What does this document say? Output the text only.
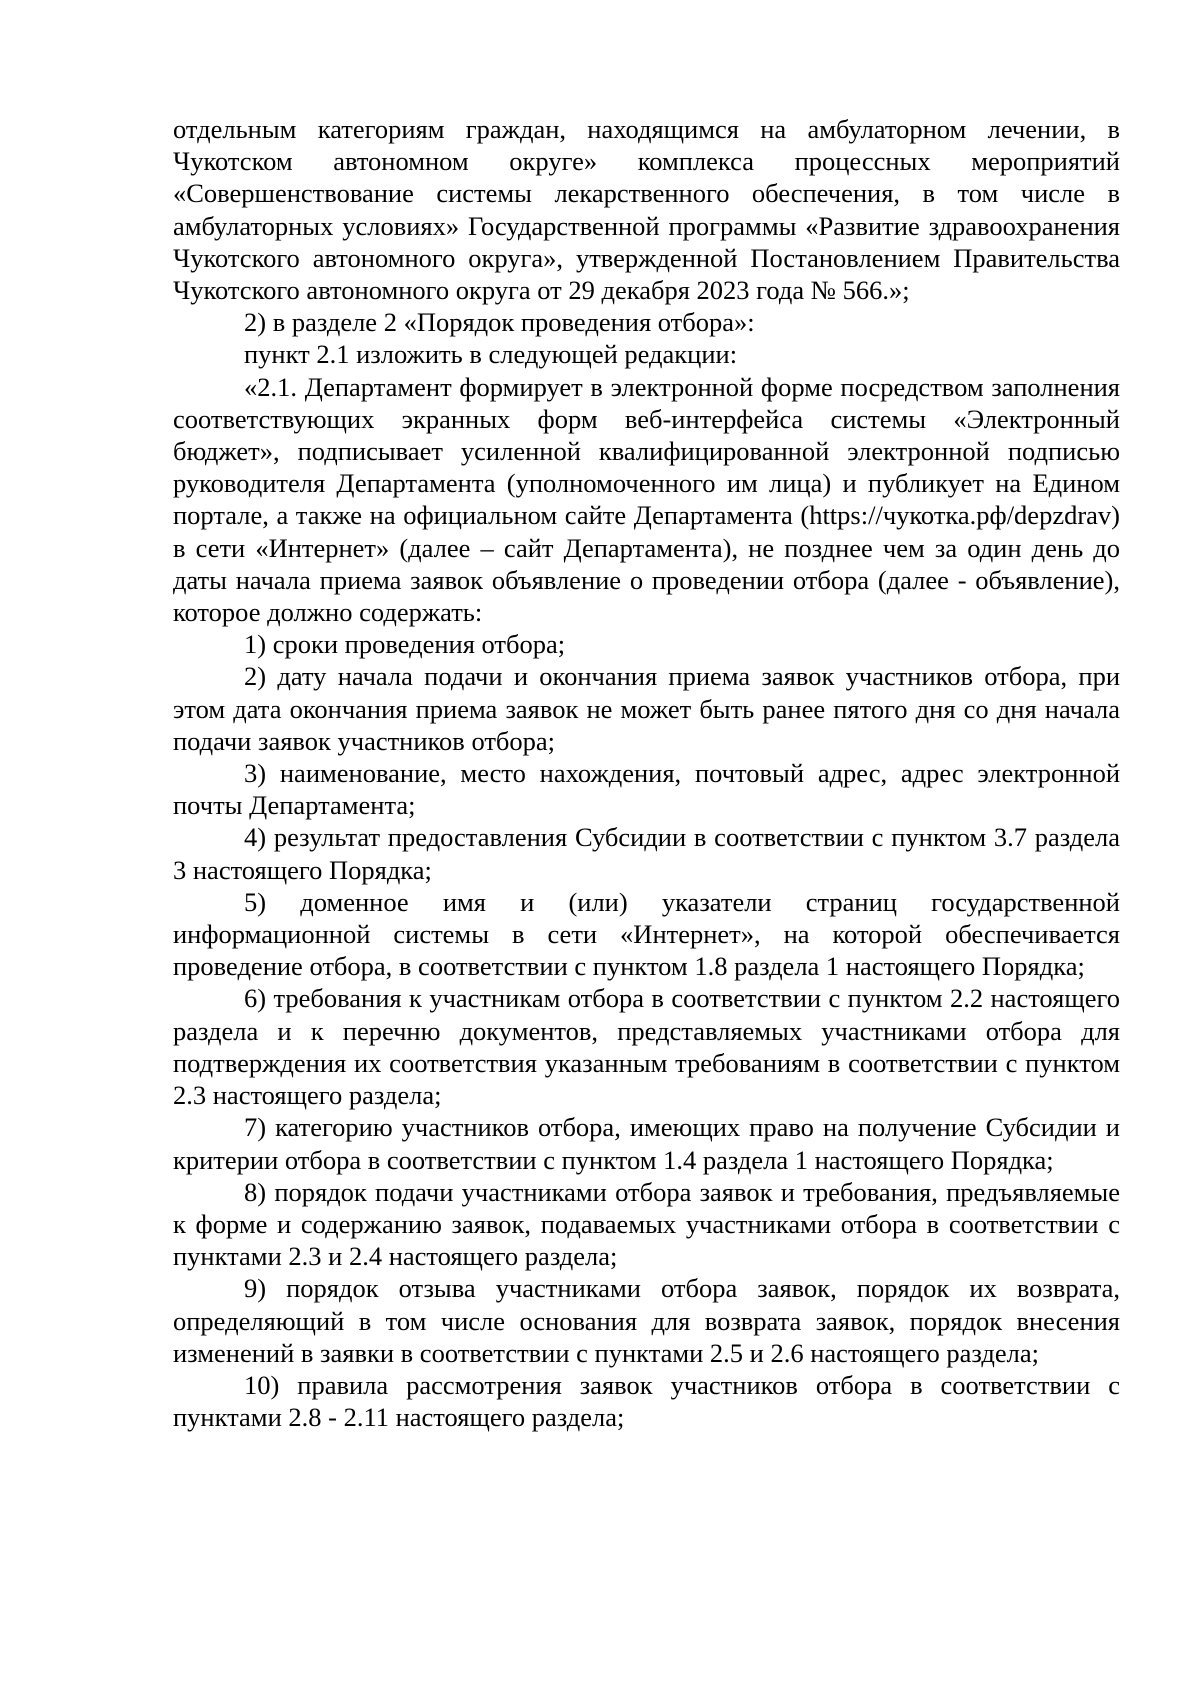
отдельным категориям граждан, находящимся на амбулаторном лечении, в Чукотском автономном округе» комплекса процессных мероприятий «Совершенствование системы лекарственного обеспечения, в том числе в амбулаторных условиях» Государственной программы «Развитие здравоохранения Чукотского автономного округа», утвержденной Постановлением Правительства Чукотского автономного округа от 29 декабря 2023 года № 566.»;

2) в разделе 2 «Порядок проведения отбора»:

пункт 2.1 изложить в следующей редакции:

«2.1. Департамент формирует в электронной форме посредством заполнения соответствующих экранных форм веб-интерфейса системы «Электронный бюджет», подписывает усиленной квалифицированной электронной подписью руководителя Департамента (уполномоченного им лица) и публикует на Едином портале, а также на официальном сайте Департамента (https://чукотка.рф/depzdrav) в сети «Интернет» (далее – сайт Департамента), не позднее чем за один день до даты начала приема заявок объявление о проведении отбора (далее - объявление), которое должно содержать:

1) сроки проведения отбора;

2) дату начала подачи и окончания приема заявок участников отбора, при этом дата окончания приема заявок не может быть ранее пятого дня со дня начала подачи заявок участников отбора;

3) наименование, место нахождения, почтовый адрес, адрес электронной почты Департамента;

4) результат предоставления Субсидии в соответствии с пунктом 3.7 раздела 3 настоящего Порядка;

5) доменное имя и (или) указатели страниц государственной информационной системы в сети «Интернет», на которой обеспечивается проведение отбора, в соответствии с пунктом 1.8 раздела 1 настоящего Порядка;

6) требования к участникам отбора в соответствии с пунктом 2.2 настоящего раздела и к перечню документов, представляемых участниками отбора для подтверждения их соответствия указанным требованиям в соответствии с пунктом 2.3 настоящего раздела;

7) категорию участников отбора, имеющих право на получение Субсидии и критерии отбора в соответствии с пунктом 1.4 раздела 1 настоящего Порядка;

8) порядок подачи участниками отбора заявок и требования, предъявляемые к форме и содержанию заявок, подаваемых участниками отбора в соответствии с пунктами 2.3 и 2.4 настоящего раздела;

9) порядок отзыва участниками отбора заявок, порядок их возврата, определяющий в том числе основания для возврата заявок, порядок внесения изменений в заявки в соответствии с пунктами 2.5 и 2.6 настоящего раздела;

10) правила рассмотрения заявок участников отбора в соответствии с пунктами 2.8 - 2.11 настоящего раздела;
